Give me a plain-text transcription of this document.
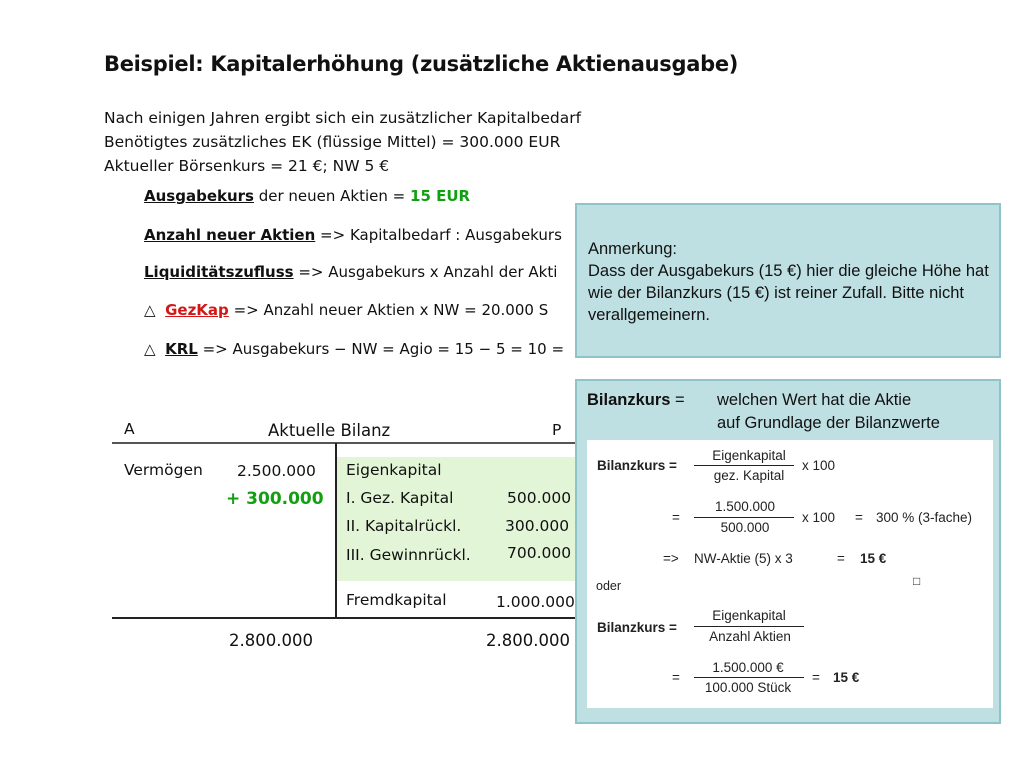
Beispiel: Kapitalerhöhung (zusätzliche Aktienausgabe)
Nach einigen Jahren ergibt sich ein zusätzlicher Kapitalbedarf
Benötigtes zusätzliches EK (flüssige Mittel) = 300.000 EUR
Aktueller Börsenkurs = 21 €; NW 5 €
Ausgabekurs der neuen Aktien = 15 EUR
Anzahl neuer Aktien => Kapitalbedarf : Ausgabekurs
Liquiditätszufluss => Ausgabekurs x Anzahl der Akti
△ GezKap => Anzahl neuer Aktien x NW = 20.000 S
△ KRL => Ausgabekurs − NW = Agio = 15 − 5 = 10 =
Anmerkung:
Dass der Ausgabekurs (15 €) hier die gleiche Höhe hat wie der Bilanzkurs (15 €) ist reiner Zufall. Bitte nicht verallgemeinern.
A	Aktuelle Bilanz	P
Vermögen 2.500.000
+ 300.000
Eigenkapital
I. Gez. Kapital	500.000
II. Kapitalrückl.	300.000
III. Gewinnrückl. 700.000
Fremdkapital	1.000.000
2.800.000	2.800.000
Bilanzkurs = welchen Wert hat die Aktie
auf Grundlage der Bilanzwerte
Bilanzkurs =
Eigenkapital
gez. Kapital
x 100
=
1.500.000
500.000
x 100 = 300 % (3-fache)
=> NW-Aktie (5) x 3	= 15 €
□
oder
Bilanzkurs =
Eigenkapital
Anzahl Aktien
=
1.500.000 €
100.000 Stück
= 15 €
